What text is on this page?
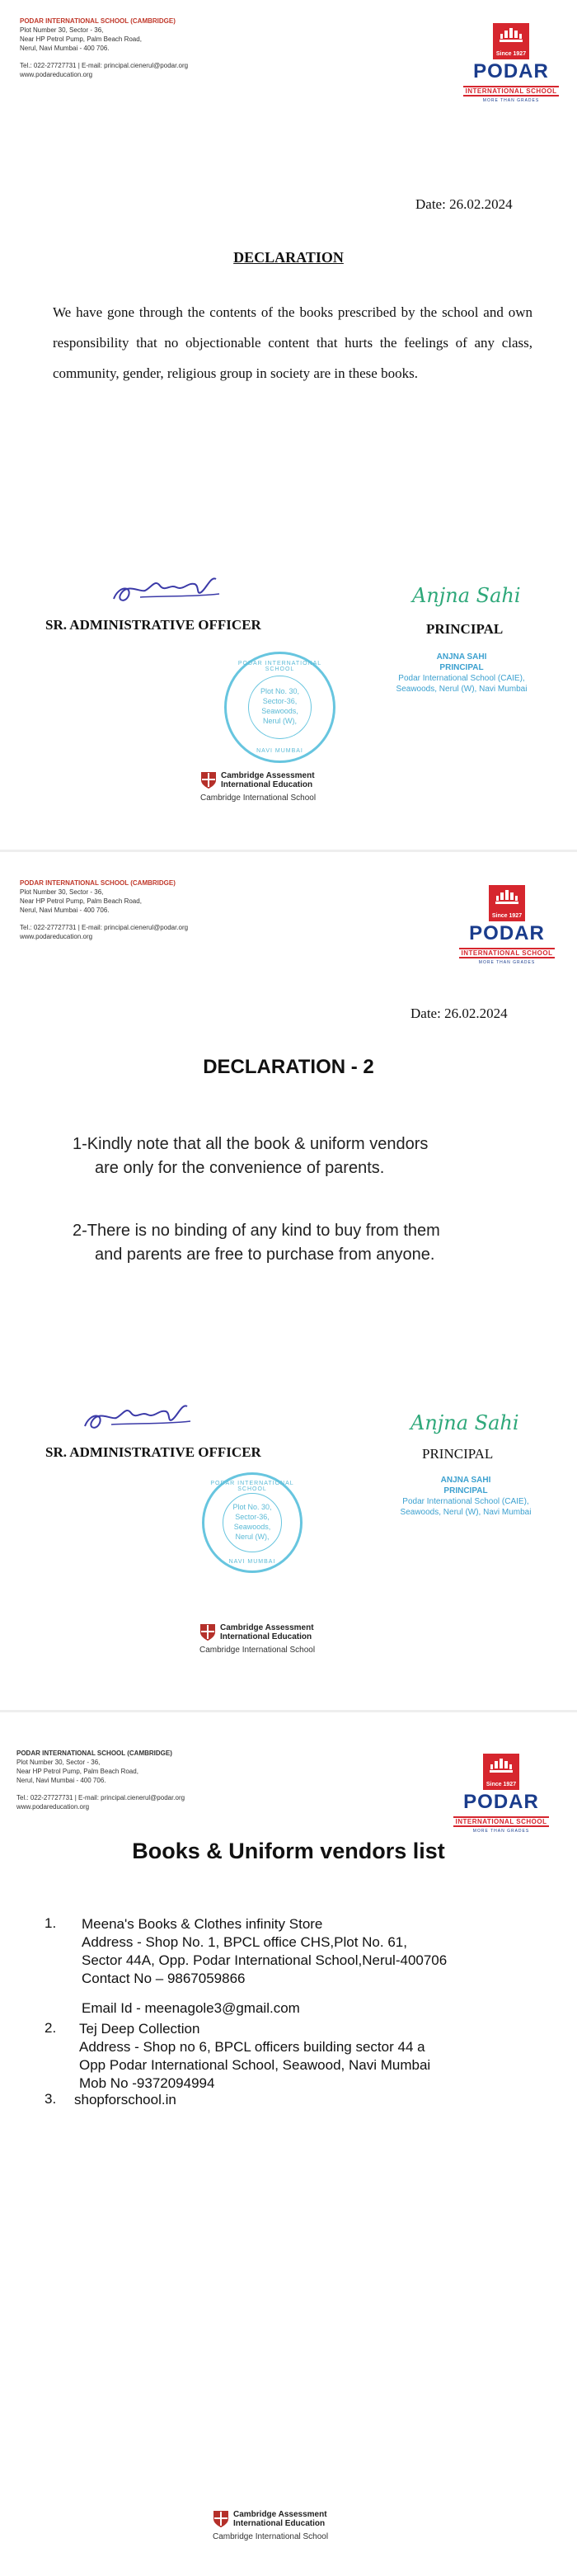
PODAR INTERNATIONAL SCHOOL (CAMBRIDGE)
Plot Number 30, Sector - 36,
Near HP Petrol Pump, Palm Beach Road,
Nerul, Navi Mumbai - 400 706.
Tel.: 022-27727731 | E-mail: principal.cienerul@podar.org
www.podareducation.org
Since 1927
PODAR
INTERNATIONAL SCHOOL
MORE THAN GRADES
Date: 26.02.2024
DECLARATION
We have gone through the contents of the books prescribed by the school and own responsibility that no objectionable content that hurts the feelings of any class, community, gender, religious group in society are in these books.
SR. ADMINISTRATIVE OFFICER
Anjna Sahi
PRINCIPAL
PODAR INTERNATIONAL SCHOOL
Plot No. 30,
Sector-36,
Seawoods,
Nerul (W),
NAVI MUMBAI
ANJNA SAHI
PRINCIPAL
Podar International School (CAIE),
Seawoods, Nerul (W), Navi Mumbai
Cambridge Assessment
International Education
Cambridge International School
PODAR INTERNATIONAL SCHOOL (CAMBRIDGE)
Plot Number 30, Sector - 36,
Near HP Petrol Pump, Palm Beach Road,
Nerul, Navi Mumbai - 400 706.
Tel.: 022-27727731 | E-mail: principal.cienerul@podar.org
www.podareducation.org
Since 1927
PODAR
INTERNATIONAL SCHOOL
MORE THAN GRADES
Date: 26.02.2024
DECLARATION - 2
1-Kindly note that all the book & uniform vendors
are only for the convenience of parents.
2-There is no binding of any kind to buy from them
and parents are free to purchase from anyone.
SR. ADMINISTRATIVE OFFICER
Anjna Sahi
PRINCIPAL
PODAR INTERNATIONAL SCHOOL
Plot No. 30,
Sector-36,
Seawoods,
Nerul (W),
NAVI MUMBAI
ANJNA SAHI
PRINCIPAL
Podar International School (CAIE),
Seawoods, Nerul (W), Navi Mumbai
Cambridge Assessment
International Education
Cambridge International School
PODAR INTERNATIONAL SCHOOL (CAMBRIDGE)
Plot Number 30, Sector - 36,
Near HP Petrol Pump, Palm Beach Road,
Nerul, Navi Mumbai - 400 706.
Tel.: 022-27727731 | E-mail: principal.cienerul@podar.org
www.podareducation.org
Since 1927
PODAR
INTERNATIONAL SCHOOL
MORE THAN GRADES
Books & Uniform vendors list
1. Meena's Books & Clothes infinity Store
Address - Shop No. 1, BPCL office CHS,Plot No. 61,
Sector 44A, Opp. Podar International School,Nerul-400706
Contact No – 9867059866
Email Id - meenagole3@gmail.com
2. Tej Deep Collection
Address - Shop no 6, BPCL officers building sector 44 a
Opp Podar International School, Seawood, Navi Mumbai
Mob No -9372094994
3. shopforschool.in
Cambridge Assessment
International Education
Cambridge International School
